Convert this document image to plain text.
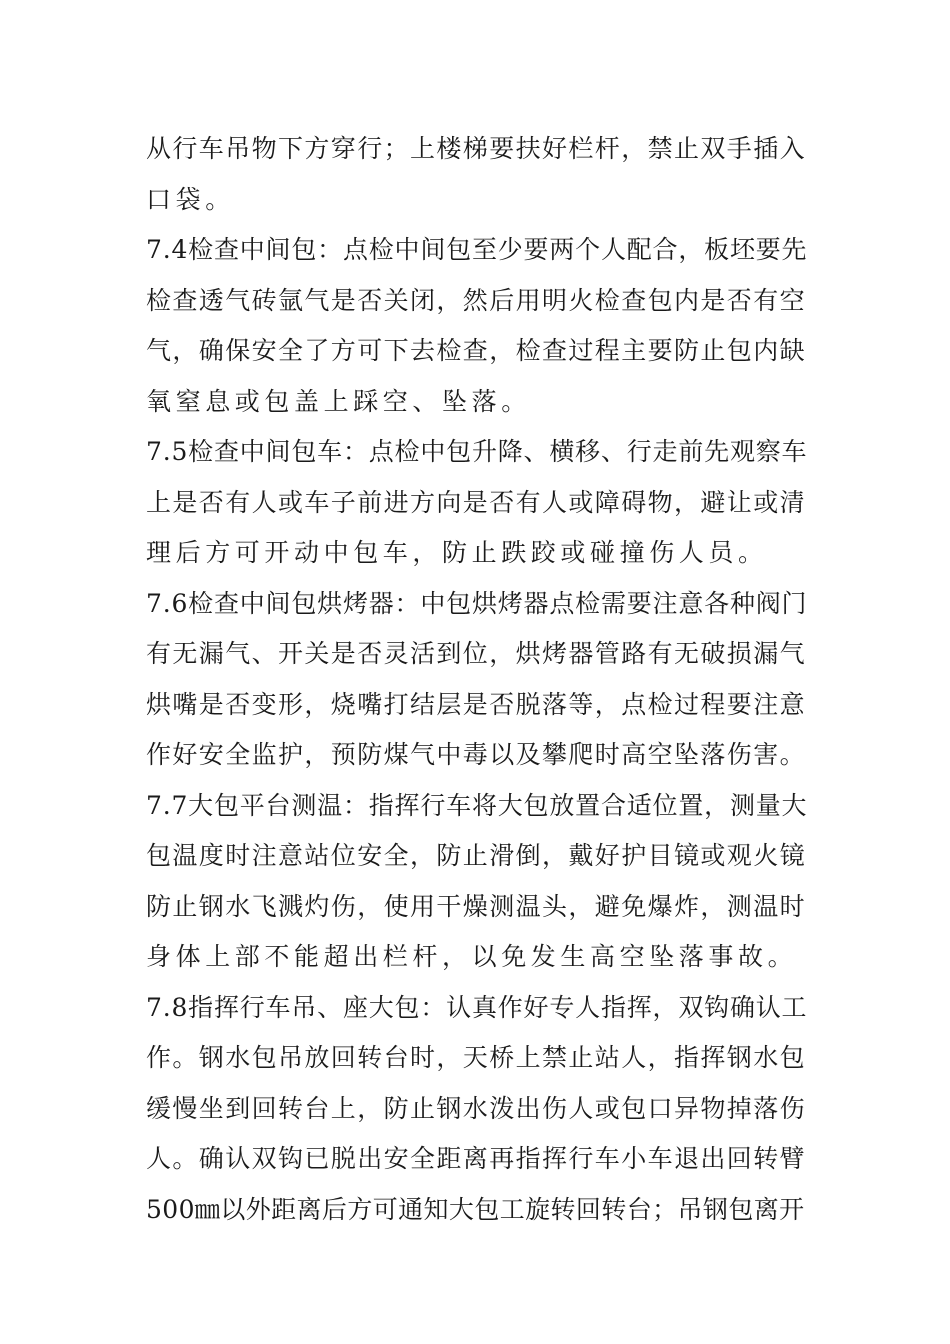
从行车吊物下方穿行；上楼梯要扶好栏杆，禁止双手插入
口袋。
7.4检查中间包：点检中间包至少要两个人配合，板坯要先
检查透气砖氩气是否关闭，然后用明火检查包内是否有空
气，确保安全了方可下去检查，检查过程主要防止包内缺
氧窒息或包盖上踩空、坠落。
7.5检查中间包车：点检中包升降、横移、行走前先观察车
上是否有人或车子前进方向是否有人或障碍物，避让或清
理后方可开动中包车，防止跌跤或碰撞伤人员。
7.6检查中间包烘烤器：中包烘烤器点检需要注意各种阀门
有无漏气、开关是否灵活到位，烘烤器管路有无破损漏气
烘嘴是否变形，烧嘴打结层是否脱落等，点检过程要注意
作好安全监护，预防煤气中毒以及攀爬时高空坠落伤害。
7.7大包平台测温：指挥行车将大包放置合适位置，测量大
包温度时注意站位安全，防止滑倒，戴好护目镜或观火镜
防止钢水飞溅灼伤，使用干燥测温头，避免爆炸，测温时
身体上部不能超出栏杆，以免发生高空坠落事故。
7.8指挥行车吊、座大包：认真作好专人指挥，双钩确认工
作。钢水包吊放回转台时，天桥上禁止站人，指挥钢水包
缓慢坐到回转台上，防止钢水泼出伤人或包口异物掉落伤
人。确认双钩已脱出安全距离再指挥行车小车退出回转臂
500㎜以外距离后方可通知大包工旋转回转台；吊钢包离开
